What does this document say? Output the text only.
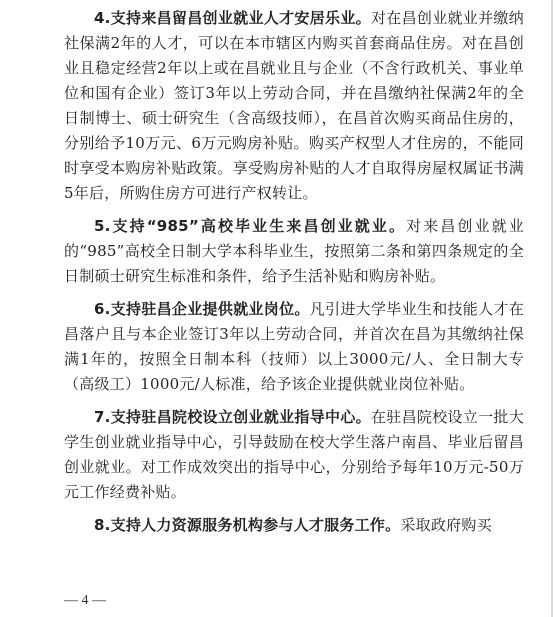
4.支持来昌留昌创业就业人才安居乐业。对在昌创业就业并缴纳社保满2年的人才，可以在本市辖区内购买首套商品住房。对在昌创业且稳定经营2年以上或在昌就业且与企业（不含行政机关、事业单位和国有企业）签订3年以上劳动合同，并在昌缴纳社保满2年的全日制博士、硕士研究生（含高级技师），在昌首次购买商品住房的，分别给予10万元、6万元购房补贴。购买产权型人才住房的，不能同时享受本购房补贴政策。享受购房补贴的人才自取得房屋权属证书满5年后，所购住房方可进行产权转让。

5.支持“985”高校毕业生来昌创业就业。对来昌创业就业的“985”高校全日制大学本科毕业生，按照第二条和第四条规定的全日制硕士研究生标准和条件，给予生活补贴和购房补贴。

6.支持驻昌企业提供就业岗位。凡引进大学毕业生和技能人才在昌落户且与本企业签订3年以上劳动合同，并首次在昌为其缴纳社保满1年的，按照全日制本科（技师）以上3000元/人、全日制大专（高级工）1000元/人标准，给予该企业提供就业岗位补贴。

7.支持驻昌院校设立创业就业指导中心。在驻昌院校设立一批大学生创业就业指导中心，引导鼓励在校大学生落户南昌、毕业后留昌创业就业。对工作成效突出的指导中心，分别给予每年10万元-50万元工作经费补贴。

8.支持人力资源服务机构参与人才服务工作。采取政府购买

— 4 —
